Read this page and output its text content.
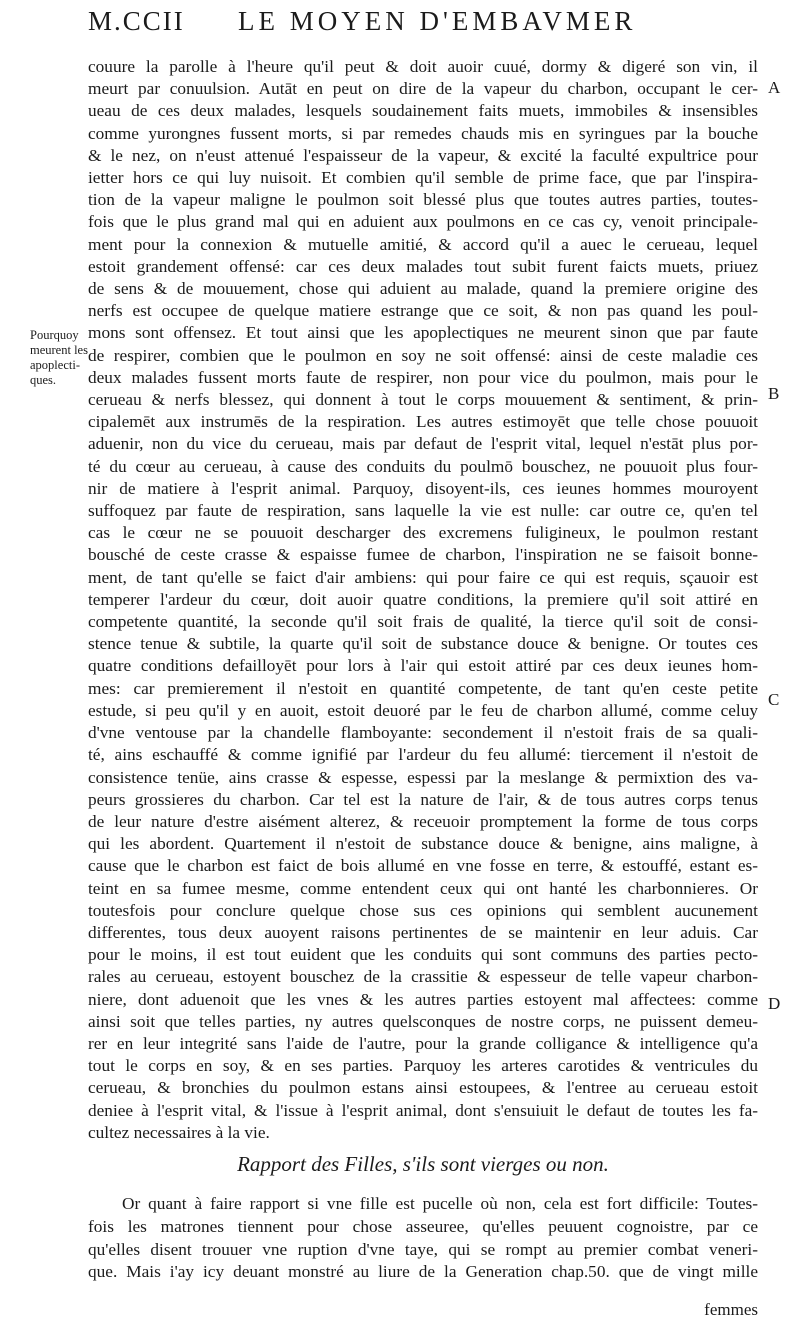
M.CCII LE MOYEN D'EMBAVMER
Pourquoy
meurent les
apoplecti-
ques.
A
B
C
D

couure la parolle à l'heure qu'il peut & doit auoir cuué, dormy & digeré son vin, il
meurt par conuulsion. Autāt en peut on dire de la vapeur du charbon, occupant le cer-
ueau de ces deux malades, lesquels soudainement faits muets, immobiles & insensibles
comme yurongnes fussent morts, si par remedes chauds mis en syringues par la bouche
& le nez, on n'eust attenué l'espaisseur de la vapeur, & excité la faculté expultrice pour
ietter hors ce qui luy nuisoit. Et combien qu'il semble de prime face, que par l'inspira-
tion de la vapeur maligne le poulmon soit blessé plus que toutes autres parties, toutes-
fois que le plus grand mal qui en aduient aux poulmons en ce cas cy, venoit principale-
ment pour la connexion & mutuelle amitié, & accord qu'il a auec le cerueau, lequel
estoit grandement offensé: car ces deux malades tout subit furent faicts muets, priuez
de sens & de mouuement, chose qui aduient au malade, quand la premiere origine des
nerfs est occupee de quelque matiere estrange que ce soit, & non pas quand les poul-
mons sont offensez. Et tout ainsi que les apoplectiques ne meurent sinon que par faute
de respirer, combien que le poulmon en soy ne soit offensé: ainsi de ceste maladie ces
deux malades fussent morts faute de respirer, non pour vice du poulmon, mais pour le
cerueau & nerfs blessez, qui donnent à tout le corps mouuement & sentiment, & prin-
cipalemēt aux instrumēs de la respiration. Les autres estimoyēt que telle chose pouuoit
aduenir, non du vice du cerueau, mais par defaut de l'esprit vital, lequel n'estāt plus por-
té du cœur au cerueau, à cause des conduits du poulmō bouschez, ne pouuoit plus four-
nir de matiere à l'esprit animal. Parquoy, disoyent-ils, ces ieunes hommes mouroyent
suffoquez par faute de respiration, sans laquelle la vie est nulle: car outre ce, qu'en tel
cas le cœur ne se pouuoit descharger des excremens fuligineux, le poulmon restant
bousché de ceste crasse & espaisse fumee de charbon, l'inspiration ne se faisoit bonne-
ment, de tant qu'elle se faict d'air ambiens: qui pour faire ce qui est requis, sçauoir est
temperer l'ardeur du cœur, doit auoir quatre conditions, la premiere qu'il soit attiré en
competente quantité, la seconde qu'il soit frais de qualité, la tierce qu'il soit de consi-
stence tenue & subtile, la quarte qu'il soit de substance douce & benigne. Or toutes ces
quatre conditions defailloyēt pour lors à l'air qui estoit attiré par ces deux ieunes hom-
mes: car premierement il n'estoit en quantité competente, de tant qu'en ceste petite
estude, si peu qu'il y en auoit, estoit deuoré par le feu de charbon allumé, comme celuy
d'vne ventouse par la chandelle flamboyante: secondement il n'estoit frais de sa quali-
té, ains eschauffé & comme ignifié par l'ardeur du feu allumé: tiercement il n'estoit de
consistence tenüe, ains crasse & espesse, espessi par la meslange & permixtion des va-
peurs grossieres du charbon. Car tel est la nature de l'air, & de tous autres corps tenus
de leur nature d'estre aisément alterez, & receuoir promptement la forme de tous corps
qui les abordent. Quartement il n'estoit de substance douce & benigne, ains maligne, à
cause que le charbon est faict de bois allumé en vne fosse en terre, & estouffé, estant es-
teint en sa fumee mesme, comme entendent ceux qui ont hanté les charbonnieres. Or
toutesfois pour conclure quelque chose sus ces opinions qui semblent aucunement
differentes, tous deux auoyent raisons pertinentes de se maintenir en leur aduis. Car
pour le moins, il est tout euident que les conduits qui sont communs des parties pecto-
rales au cerueau, estoyent bouschez de la crassitie & espesseur de telle vapeur charbon-
niere, dont aduenoit que les vnes & les autres parties estoyent mal affectees: comme
ainsi soit que telles parties, ny autres quelsconques de nostre corps, ne puissent demeu-
rer en leur integrité sans l'aide de l'autre, pour la grande colligance & intelligence qu'a
tout le corps en soy, & en ses parties. Parquoy les arteres carotides & ventricules du
cerueau, & bronchies du poulmon estans ainsi estoupees, & l'entree au cerueau estoit
deniee à l'esprit vital, & l'issue à l'esprit animal, dont s'ensuiuit le defaut de toutes les fa-
cultez necessaires à la vie.

Rapport des Filles, s'ils sont vierges ou non.

Or quant à faire rapport si vne fille est pucelle où non, cela est fort difficile: Toutes-
fois les matrones tiennent pour chose asseuree, qu'elles peuuent cognoistre, par ce
qu'elles disent trouuer vne ruption d'vne taye, qui se rompt au premier combat veneri-
que. Mais i'ay icy deuant monstré au liure de la Generation chap.50. que de vingt mille

femmes
